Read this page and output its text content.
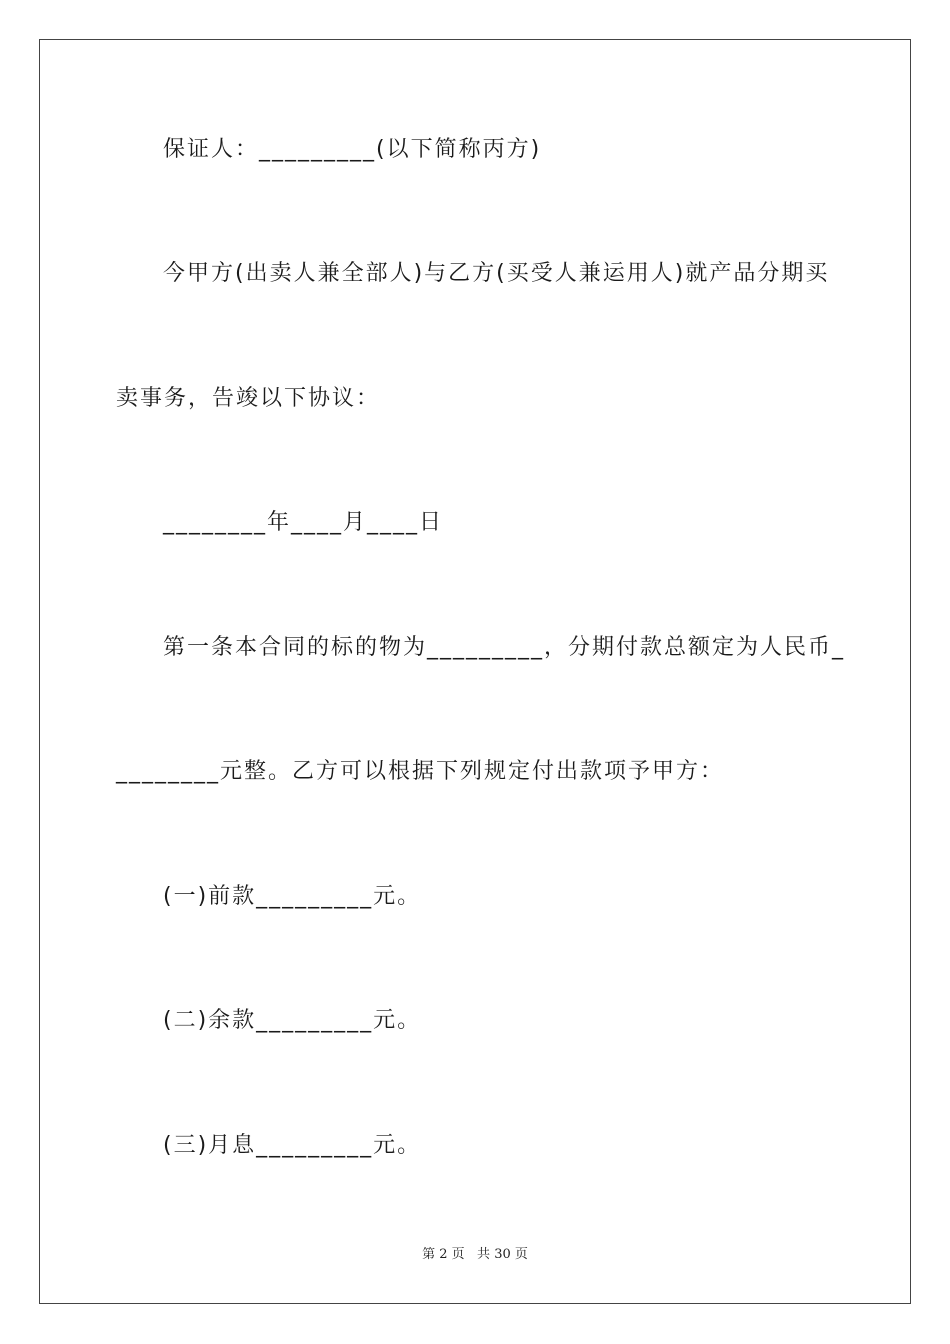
保证人：_________(以下简称丙方)

今甲方(出卖人兼全部人)与乙方(买受人兼运用人)就产品分期买

卖事务，告竣以下协议：

________年____月____日

第一条本合同的标的物为_________，分期付款总额定为人民币_

________元整。乙方可以根据下列规定付出款项予甲方：

(一)前款_________元。

(二)余款_________元。

(三)月息_________元。

第 2 页   共 30 页
